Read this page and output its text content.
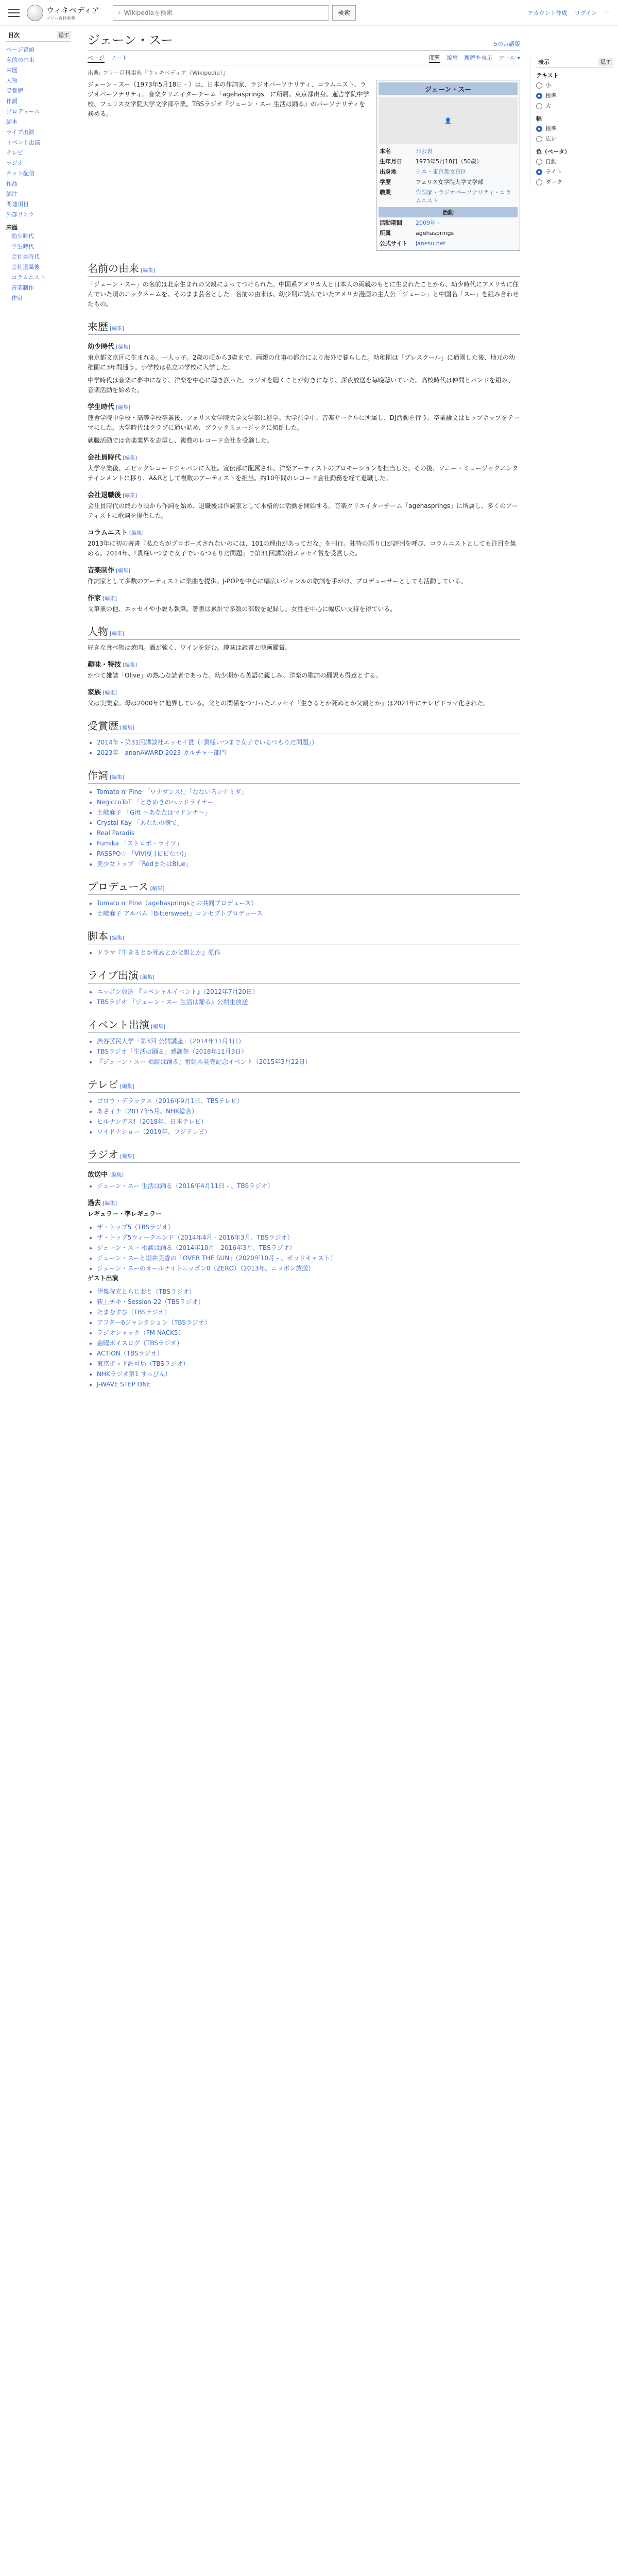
ウィキペディア
フリー百科事典
⌕ Wikipediaを検索	検索	アカウント作成 ログイン ⋯
目次	隠す
ページ冒頭
名前の由来
来歴
人物
受賞歴
作詞
プロデュース
脚本
ライブ出演
イベント出演
テレビ
ラジオ
ネット配信
作品
脚注
関連項目
外部リンク
来歴
幼少時代
学生時代
会社員時代
会社退職後
コラムニスト
音楽制作
作家
ジェーン・スー	5の言語版
ページ ノート	閲覧 編集 履歴を表示 ツール ▾
出典: フリー百科事典『ウィキペディア（Wikipedia）』

ジェーン・スー（1973年5月18日 - ）は、日本の作詞家、ラジオパーソナリティ、コラムニスト、ラジオパーソナリティ。音楽クリエイターチーム「agehasprings」に所属。東京都出身。蓮舎学院中学校、フェリス女学院大学文学部卒業。TBSラジオ『ジェーン・スー 生活は踊る』のパーソナリティを務める。

ジェーン・スー
👤
本名	非公表
生年月日	1973年5月18日（50歳）
出身地	日本・東京都文京区
学歴	フェリス女学院大学文学部
職業	作詞家・ラジオパーソナリティ・コラムニスト
活動
活動期間	2009年 -
所属	agehasprings
公式サイト	janesu.net
名前の由来 [編集]

「ジェーン・スー」の名前は北京生まれの父親によってつけられた。中国系アメリカ人と日本人の両親のもとに生まれたことから、幼少時代にアメリカに住んでいた頃のニックネームを、そのまま芸名とした。名前の由来は、幼少期に読んでいたアメリカ漫画の主人公「ジェーン」と中国名「スー」を組み合わせたもの。

来歴 [編集]
幼少時代 [編集]

東京都文京区に生まれる。一人っ子。2歳の頃から3歳まで、両親の仕事の都合により海外で暮らした。幼稚園は「ブレスクール」に通園した後、地元の幼稚園に3年間通う。小学校は私立の学校に入学した。

中学時代は音楽に夢中になり、洋楽を中心に聴き漁った。ラジオを聴くことが好きになり、深夜放送を毎晩聴いていた。高校時代は仲間とバンドを組み、音楽活動を始めた。

学生時代 [編集]

蓮舎学院中学校・高等学校卒業後、フェリス女学院大学文学部に進学。大学在学中、音楽サークルに所属し、DJ活動を行う。卒業論文はヒップホップをテーマにした。大学時代はクラブに通い詰め、ブラックミュージックに傾倒した。

就職活動では音楽業界を志望し、複数のレコード会社を受験した。

会社員時代 [編集]

大学卒業後、エピックレコードジャパンに入社。宣伝部に配属され、洋楽アーティストのプロモーションを担当した。その後、ソニー・ミュージックエンタテインメントに移り、A&Rとして複数のアーティストを担当。約10年間のレコード会社勤務を経て退職した。

会社退職後 [編集]

会社員時代の終わり頃から作詞を始め、退職後は作詞家として本格的に活動を開始する。音楽クリエイターチーム「agehasprings」に所属し、多くのアーティストに歌詞を提供した。

コラムニスト [編集]

2013年に初の著書『私たちがプロポーズされないのには、101の理由があってだな』を刊行。独特の語り口が評判を呼び、コラムニストとしても注目を集める。2014年、『貴様いつまで女子でいるつもりだ問題』で第31回講談社エッセイ賞を受賞した。

音楽制作 [編集]

作詞家として多数のアーティストに楽曲を提供。J-POPを中心に幅広いジャンルの歌詞を手がけ、プロデューサーとしても活動している。

作家 [編集]

文筆業の他、エッセイや小説も執筆。著書は累計で多数の部数を記録し、女性を中心に幅広い支持を得ている。

人物 [編集]

好きな食べ物は焼肉。酒が強く、ワインを好む。趣味は読書と映画鑑賞。

趣味・特技 [編集]

かつて雑誌「Olive」の熱心な読者であった。幼少期から英語に親しみ、洋楽の歌詞の翻訳も得意とする。

家族 [編集]

父は実業家。母は2000年に他界している。父との関係をつづったエッセイ『生きるとか死ぬとか父親とか』は2021年にテレビドラマ化された。

受賞歴 [編集]
• 2014年 - 第31回講談社エッセイ賞（『貴様いつまで女子でいるつもりだ問題』）
• 2023年 - ananAWARD 2023 カルチャー部門
作詞 [編集]
• Tomato n' Pine 「ワナダンス!」「なないろ☆ナミダ」
• NegiccoToT 「ときめきのヘッドライナー」
• 土岐麻子 「Gift ～あなたはマドンナ～」
• Crystal Kay 「あなたの傍で」
• Real Paradis
• Fumika 「ストロボ・ライツ」
• PASSPO☆ 「ViVi夏 (ビビなつ)」
• 美少女トップ 「RedまたはBlue」
プロデュース [編集]
• Tomato n' Pine（agehaspringsとの共同プロデュース）
• 土岐麻子 アルバム『Bittersweet』コンセプトプロデュース
脚本 [編集]
• ドラマ『生きるとか死ぬとか父親とか』原作
ライブ出演 [編集]
• ニッポン放送 『スペシャルイベント』（2012年7月20日）
• TBSラジオ 『ジェーン・スー 生活は踊る』公開生放送
イベント出演 [編集]
• 渋谷区民大学「第3回 公開講座」（2014年11月1日）
• TBSラジオ「生活は踊る」感謝祭（2018年11月3日）
• 『ジェーン・スー 相談は踊る』番組本発売記念イベント（2015年3月22日）
テレビ [編集]
• ゴロウ・デラックス（2016年9月1日、TBSテレビ）
• あさイチ（2017年5月、NHK総合）
• ヒルナンデス!（2018年、日本テレビ）
• ワイドナショー（2019年、フジテレビ）
ラジオ [編集]
放送中 [編集]
• ジェーン・スー 生活は踊る（2016年4月11日 - 、TBSラジオ）
過去 [編集]

レギュラー・準レギュラー

• ザ・トップ5（TBSラジオ）
• ザ・トップ5ウィークエンド（2014年4月 - 2016年3月、TBSラジオ）
• ジェーン・スー 相談は踊る（2014年10月 - 2016年3月、TBSラジオ）
• ジェーン・スーと堀井美香の「OVER THE SUN」（2020年10月 - 、ポッドキャスト）
• ジェーン・スーのオールナイトニッポン0（ZERO）（2013年、ニッポン放送）

ゲスト出演

• 伊集院光とらじおと（TBSラジオ）
• 荻上チキ・Session-22（TBSラジオ）
• たまむすび（TBSラジオ）
• アフター6ジャンクション（TBSラジオ）
• ラジオシャック（FM NACK5）
• 金曜ボイスログ（TBSラジオ）
• ACTION（TBSラジオ）
• 東京ポッド許可局（TBSラジオ）
• NHKラジオ第1 すっぴん!
• J-WAVE STEP ONE
表示	隠す
テキスト
小
標準
大
幅
標準
広い
色（ベータ）
自動
ライト
ダーク
